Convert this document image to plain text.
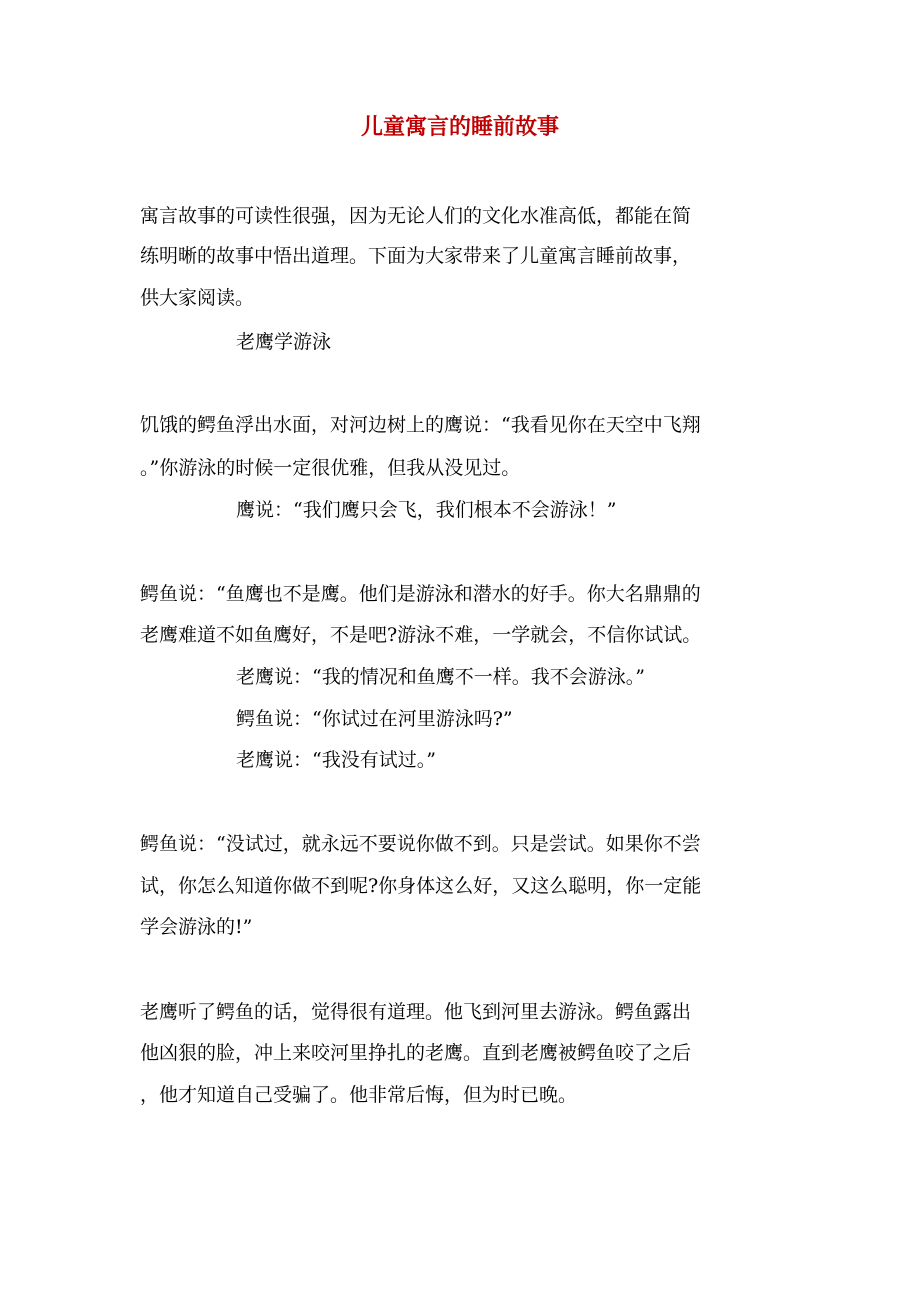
儿童寓言的睡前故事
寓言故事的可读性很强，因为无论人们的文化水准高低，都能在简
练明晰的故事中悟出道理。下面为大家带来了儿童寓言睡前故事，
供大家阅读。
老鹰学游泳
饥饿的鳄鱼浮出水面，对河边树上的鹰说：“我看见你在天空中飞翔
。”你游泳的时候一定很优雅，但我从没见过。
鹰说：“我们鹰只会飞，我们根本不会游泳！”
鳄鱼说：“鱼鹰也不是鹰。他们是游泳和潜水的好手。你大名鼎鼎的
老鹰难道不如鱼鹰好，不是吧?游泳不难，一学就会，不信你试试。
老鹰说：“我的情况和鱼鹰不一样。我不会游泳。”
鳄鱼说：“你试过在河里游泳吗?”
老鹰说：“我没有试过。”
鳄鱼说：“没试过，就永远不要说你做不到。只是尝试。如果你不尝
试，你怎么知道你做不到呢?你身体这么好，又这么聪明，你一定能
学会游泳的!”
老鹰听了鳄鱼的话，觉得很有道理。他飞到河里去游泳。鳄鱼露出
他凶狠的脸，冲上来咬河里挣扎的老鹰。直到老鹰被鳄鱼咬了之后
，他才知道自己受骗了。他非常后悔，但为时已晚。
